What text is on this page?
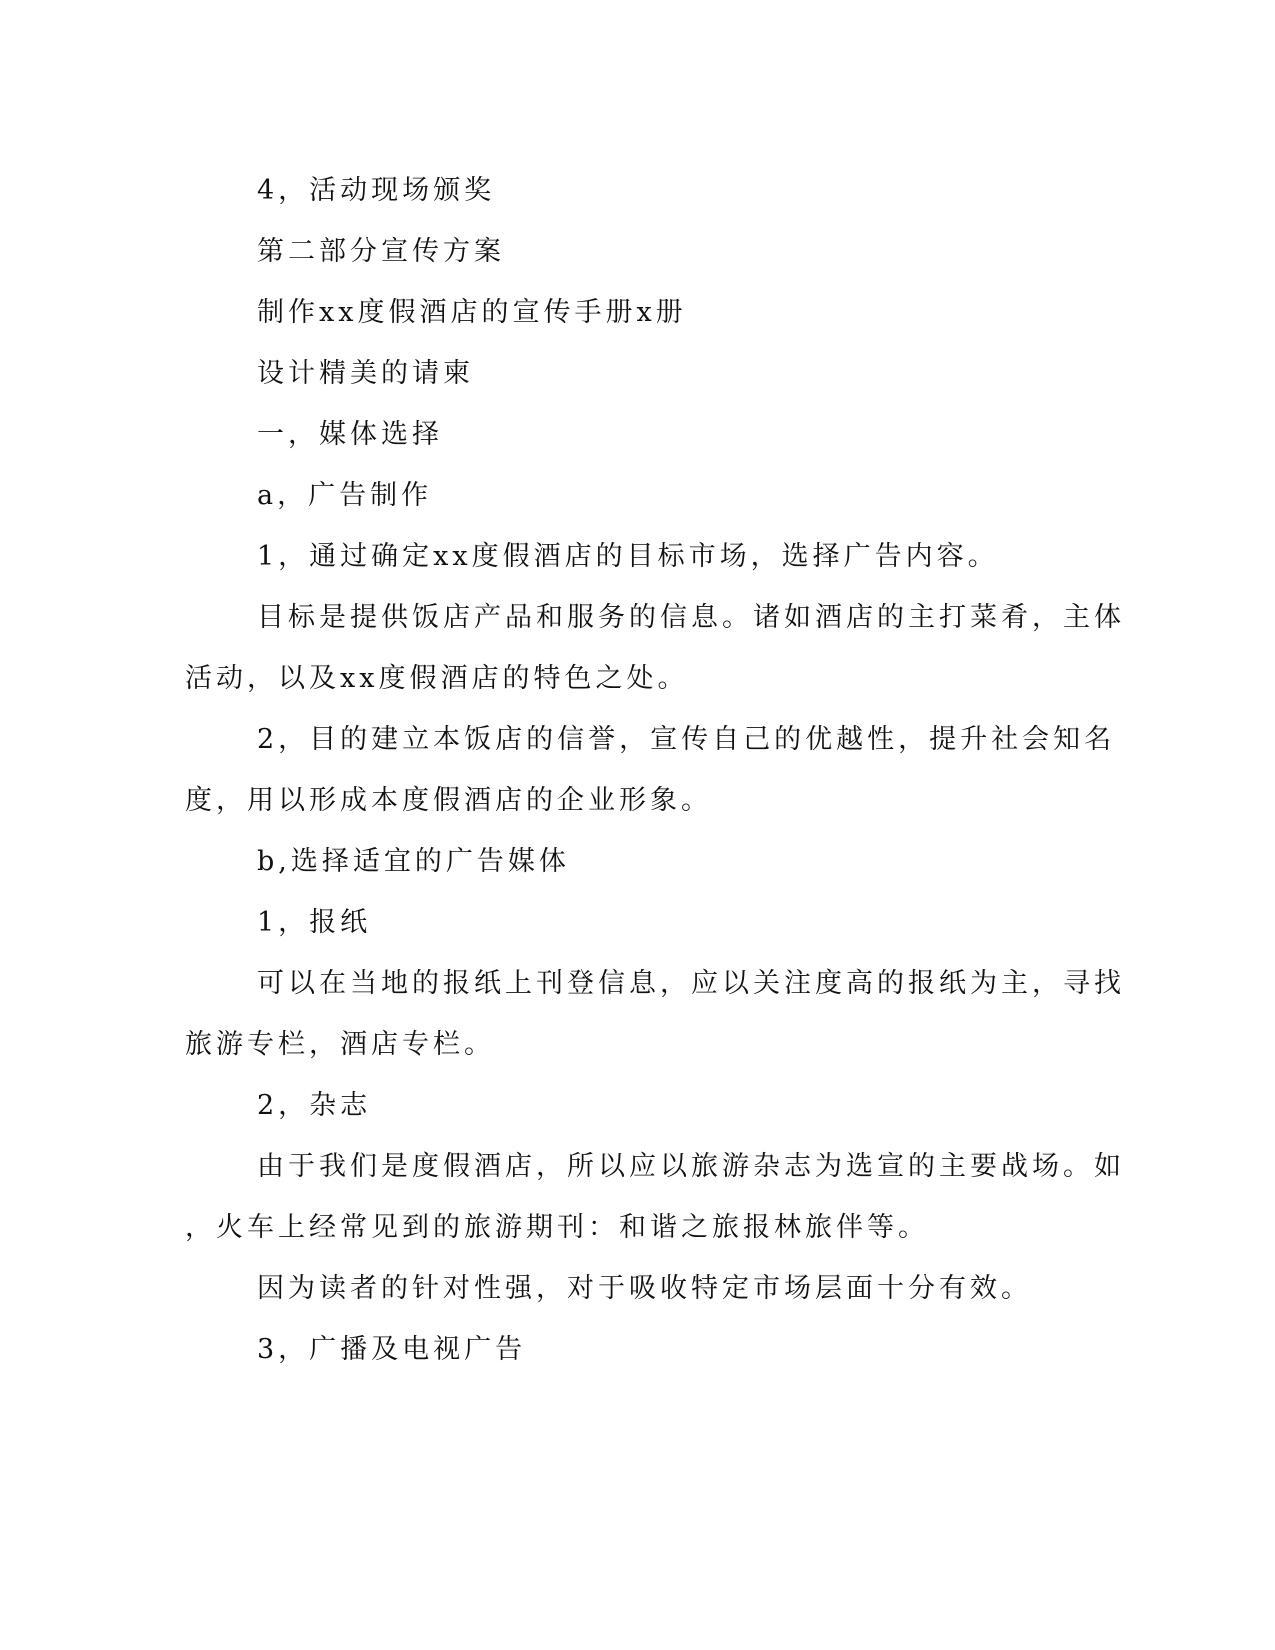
4，活动现场颁奖

第二部分宣传方案

制作xx度假酒店的宣传手册x册

设计精美的请柬

一，媒体选择

a，广告制作

1，通过确定xx度假酒店的目标市场，选择广告内容。

目标是提供饭店产品和服务的信息。诸如酒店的主打菜肴，主体

活动，以及xx度假酒店的特色之处。

2，目的建立本饭店的信誉，宣传自己的优越性，提升社会知名

度，用以形成本度假酒店的企业形象。

b,选择适宜的广告媒体

1，报纸

可以在当地的报纸上刊登信息，应以关注度高的报纸为主，寻找

旅游专栏，酒店专栏。

2，杂志

由于我们是度假酒店，所以应以旅游杂志为选宣的主要战场。如

，火车上经常见到的旅游期刊：和谐之旅报林旅伴等。

因为读者的针对性强，对于吸收特定市场层面十分有效。

3，广播及电视广告
